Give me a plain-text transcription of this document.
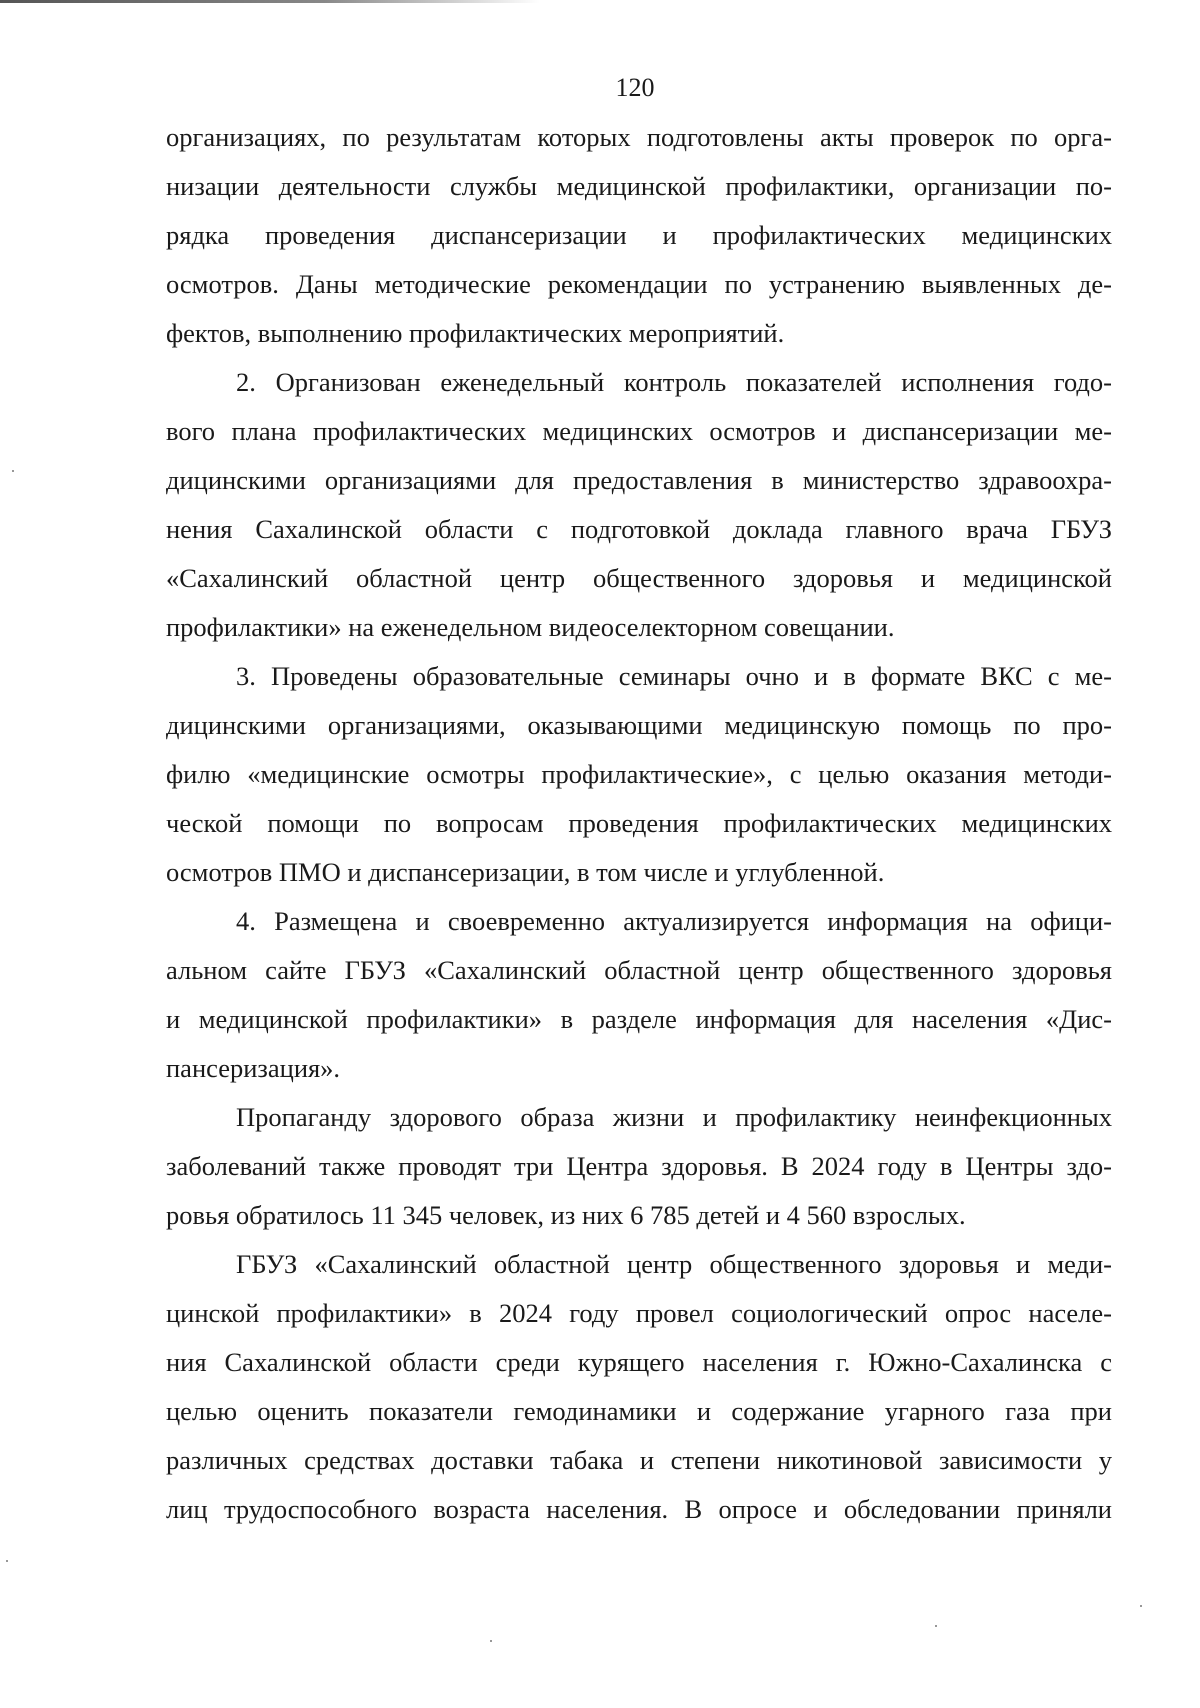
120
организациях, по результатам которых подготовлены акты проверок по орга-
низации деятельности службы медицинской профилактики, организации по-
рядка проведения диспансеризации и профилактических медицинских
осмотров. Даны методические рекомендации по устранению выявленных де-
фектов, выполнению профилактических мероприятий.
2. Организован еженедельный контроль показателей исполнения годо-
вого плана профилактических медицинских осмотров и диспансеризации ме-
дицинскими организациями для предоставления в министерство здравоохра-
нения Сахалинской области с подготовкой доклада главного врача ГБУЗ
«Сахалинский областной центр общественного здоровья и медицинской
профилактики» на еженедельном видеоселекторном совещании.
3. Проведены образовательные семинары очно и в формате ВКС с ме-
дицинскими организациями, оказывающими медицинскую помощь по про-
филю «медицинские осмотры профилактические», с целью оказания методи-
ческой помощи по вопросам проведения профилактических медицинских
осмотров ПМО и диспансеризации, в том числе и углубленной.
4. Размещена и своевременно актуализируется информация на офици-
альном сайте ГБУЗ «Сахалинский областной центр общественного здоровья
и медицинской профилактики» в разделе информация для населения «Дис-
пансеризация».
Пропаганду здорового образа жизни и профилактику неинфекционных
заболеваний также проводят три Центра здоровья. В 2024 году в Центры здо-
ровья обратилось 11 345 человек, из них 6 785 детей и 4 560 взрослых.
ГБУЗ «Сахалинский областной центр общественного здоровья и меди-
цинской профилактики» в 2024 году провел социологический опрос населе-
ния Сахалинской области среди курящего населения г. Южно-Сахалинска с
целью оценить показатели гемодинамики и содержание угарного газа при
различных средствах доставки табака и степени никотиновой зависимости у
лиц трудоспособного возраста населения. В опросе и обследовании приняли
